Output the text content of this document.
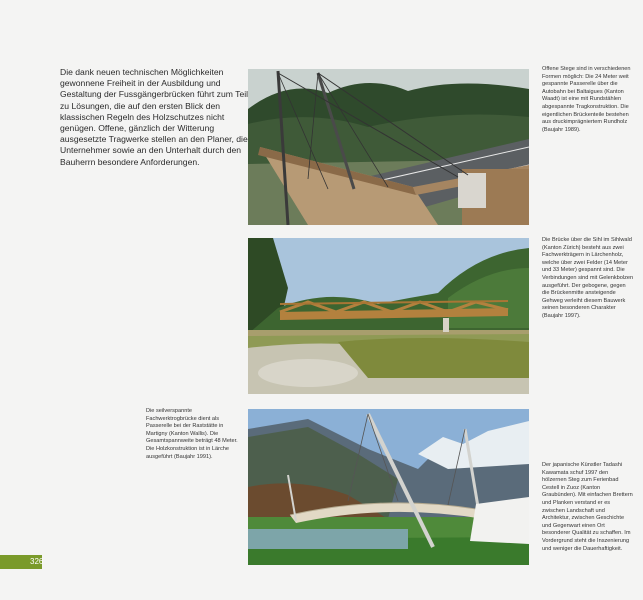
Die dank neuen technischen Möglichkeiten gewonnene Freiheit in der Ausbildung und Gestaltung der Fussgängerbrücken führt zum Teil zu Lösungen, die auf den ersten Blick den klassischen Regeln des Holzschutzes nicht genügen. Offene, gänzlich der Witterung ausgesetzte Tragwerke stellen an den Planer, die Unternehmer sowie an den Unterhalt durch den Bauherrn besondere Anforderungen.
Offene Stege sind in verschiedenen Formen möglich: Die 24 Meter weit gespannte Passerelle über die Autobahn bei Baltaigues (Kanton Waadt) ist eine mit Rundstählen abgespannte Tragkonstruktion. Die eigentlichen Brückenteile bestehen aus druckimprägniertem Rundholz (Baujahr 1989).
Die Brücke über die Sihl im Sihlwald (Kanton Zürich) besteht aus zwei Fachwerkträgern in Lärchenholz, welche über zwei Felder (14 Meter und 33 Meter) gespannt sind. Die Verbindungen sind mit Gelenkbolzen ausgeführt. Der gebogene, gegen die Brückenmitte ansteigende Gehweg verleiht diesem Bauwerk seinen besonderen Charakter (Baujahr 1997).
Die seilverspannte Fachwerktrogbrücke dient als Passerelle bei der Raststätte in Martigny (Kanton Wallis). Die Gesamtspannweite beträgt 48 Meter. Die Holzkonstruktion ist in Lärche ausgeführt (Baujahr 1991).
Der japanische Künstler Tadashi Kawamata schuf 1997 den hölzernen Steg zum Ferienbad Cestell in Zuoz (Kanton Graubünden). Mit einfachen Brettern und Planken verstand er es zwischen Landschaft und Architektur, zwischen Geschichte und Gegenwart einen Ort besonderer Qualität zu schaffen. Im Vordergrund steht die Inszenierung und weniger die Dauerhaftigkeit.
326
